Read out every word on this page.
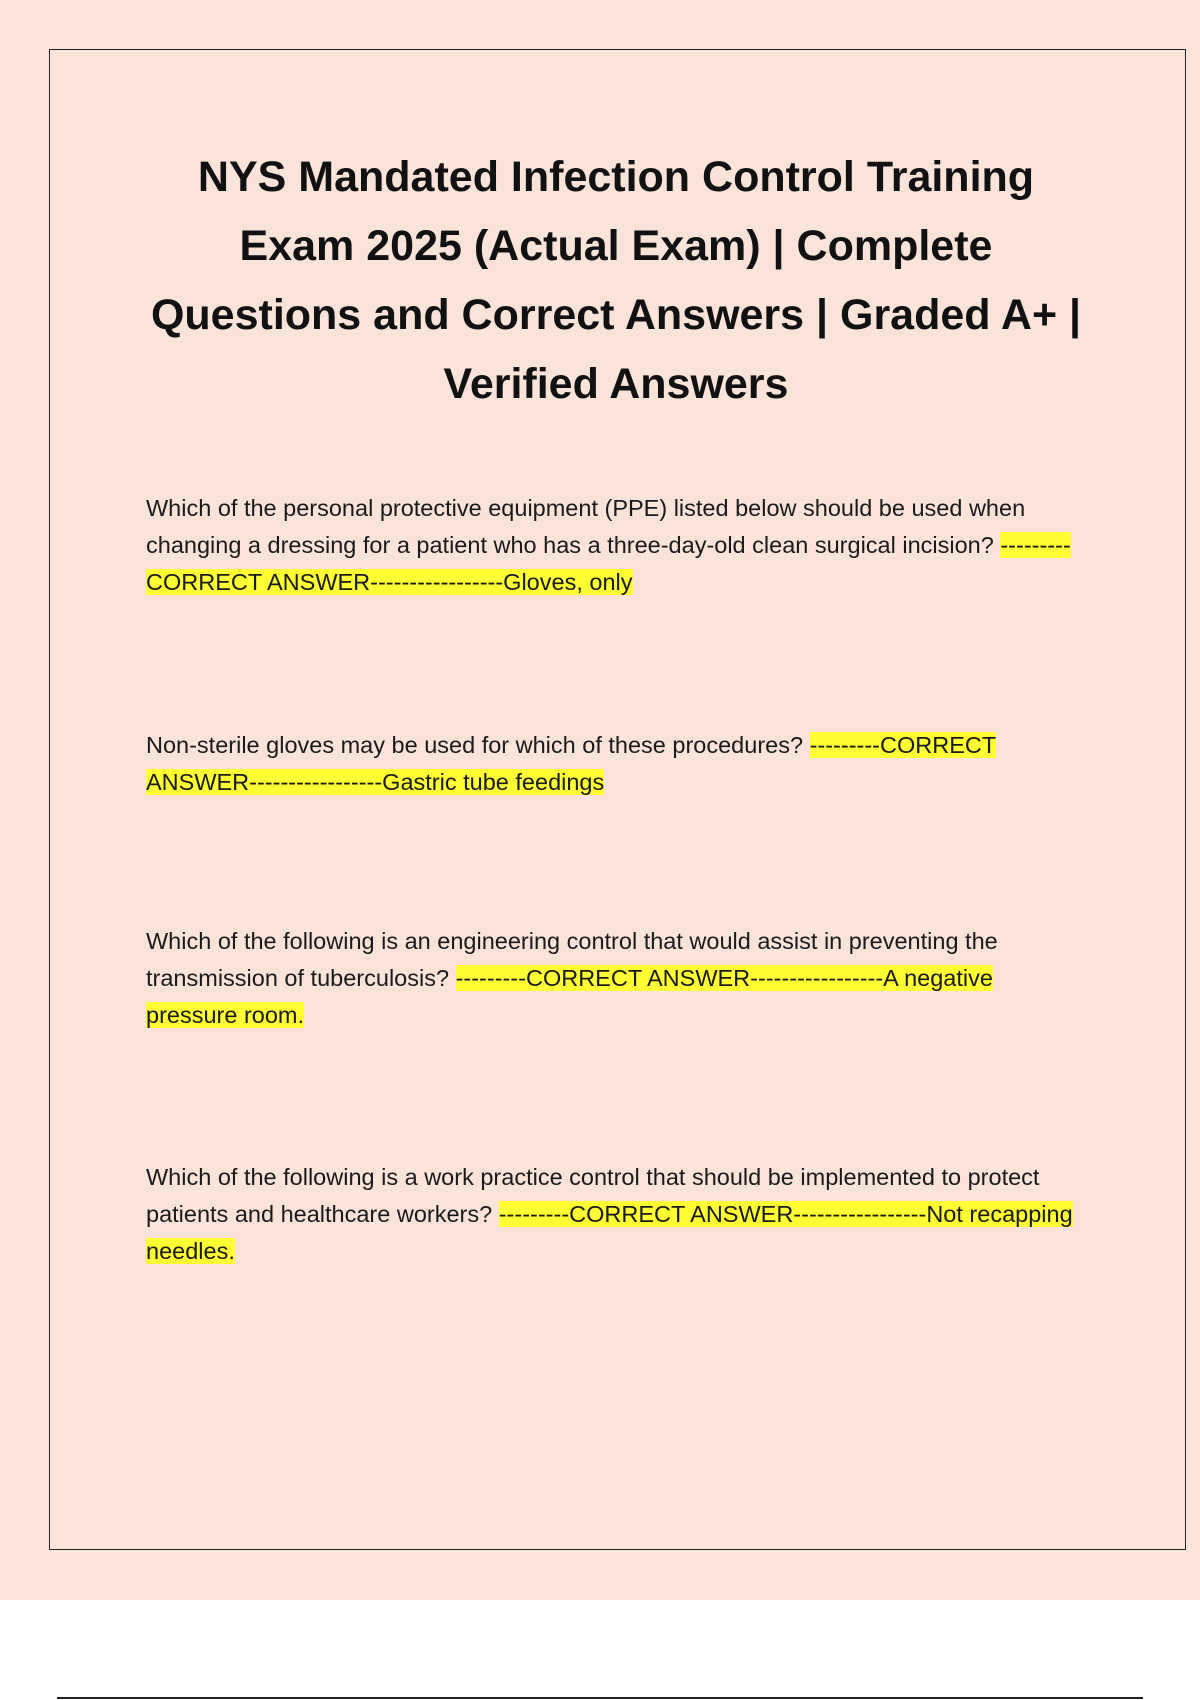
NYS Mandated Infection Control Training Exam 2025 (Actual Exam) | Complete Questions and Correct Answers | Graded A+ | Verified Answers

Which of the personal protective equipment (PPE) listed below should be used when changing a dressing for a patient who has a three-day-old clean surgical incision? ---------CORRECT ANSWER-----------------Gloves, only

Non-sterile gloves may be used for which of these procedures? ---------CORRECT ANSWER-----------------Gastric tube feedings

Which of the following is an engineering control that would assist in preventing the transmission of tuberculosis? ---------CORRECT ANSWER-----------------A negative pressure room.

Which of the following is a work practice control that should be implemented to protect patients and healthcare workers? ---------CORRECT ANSWER-----------------Not recapping needles.
